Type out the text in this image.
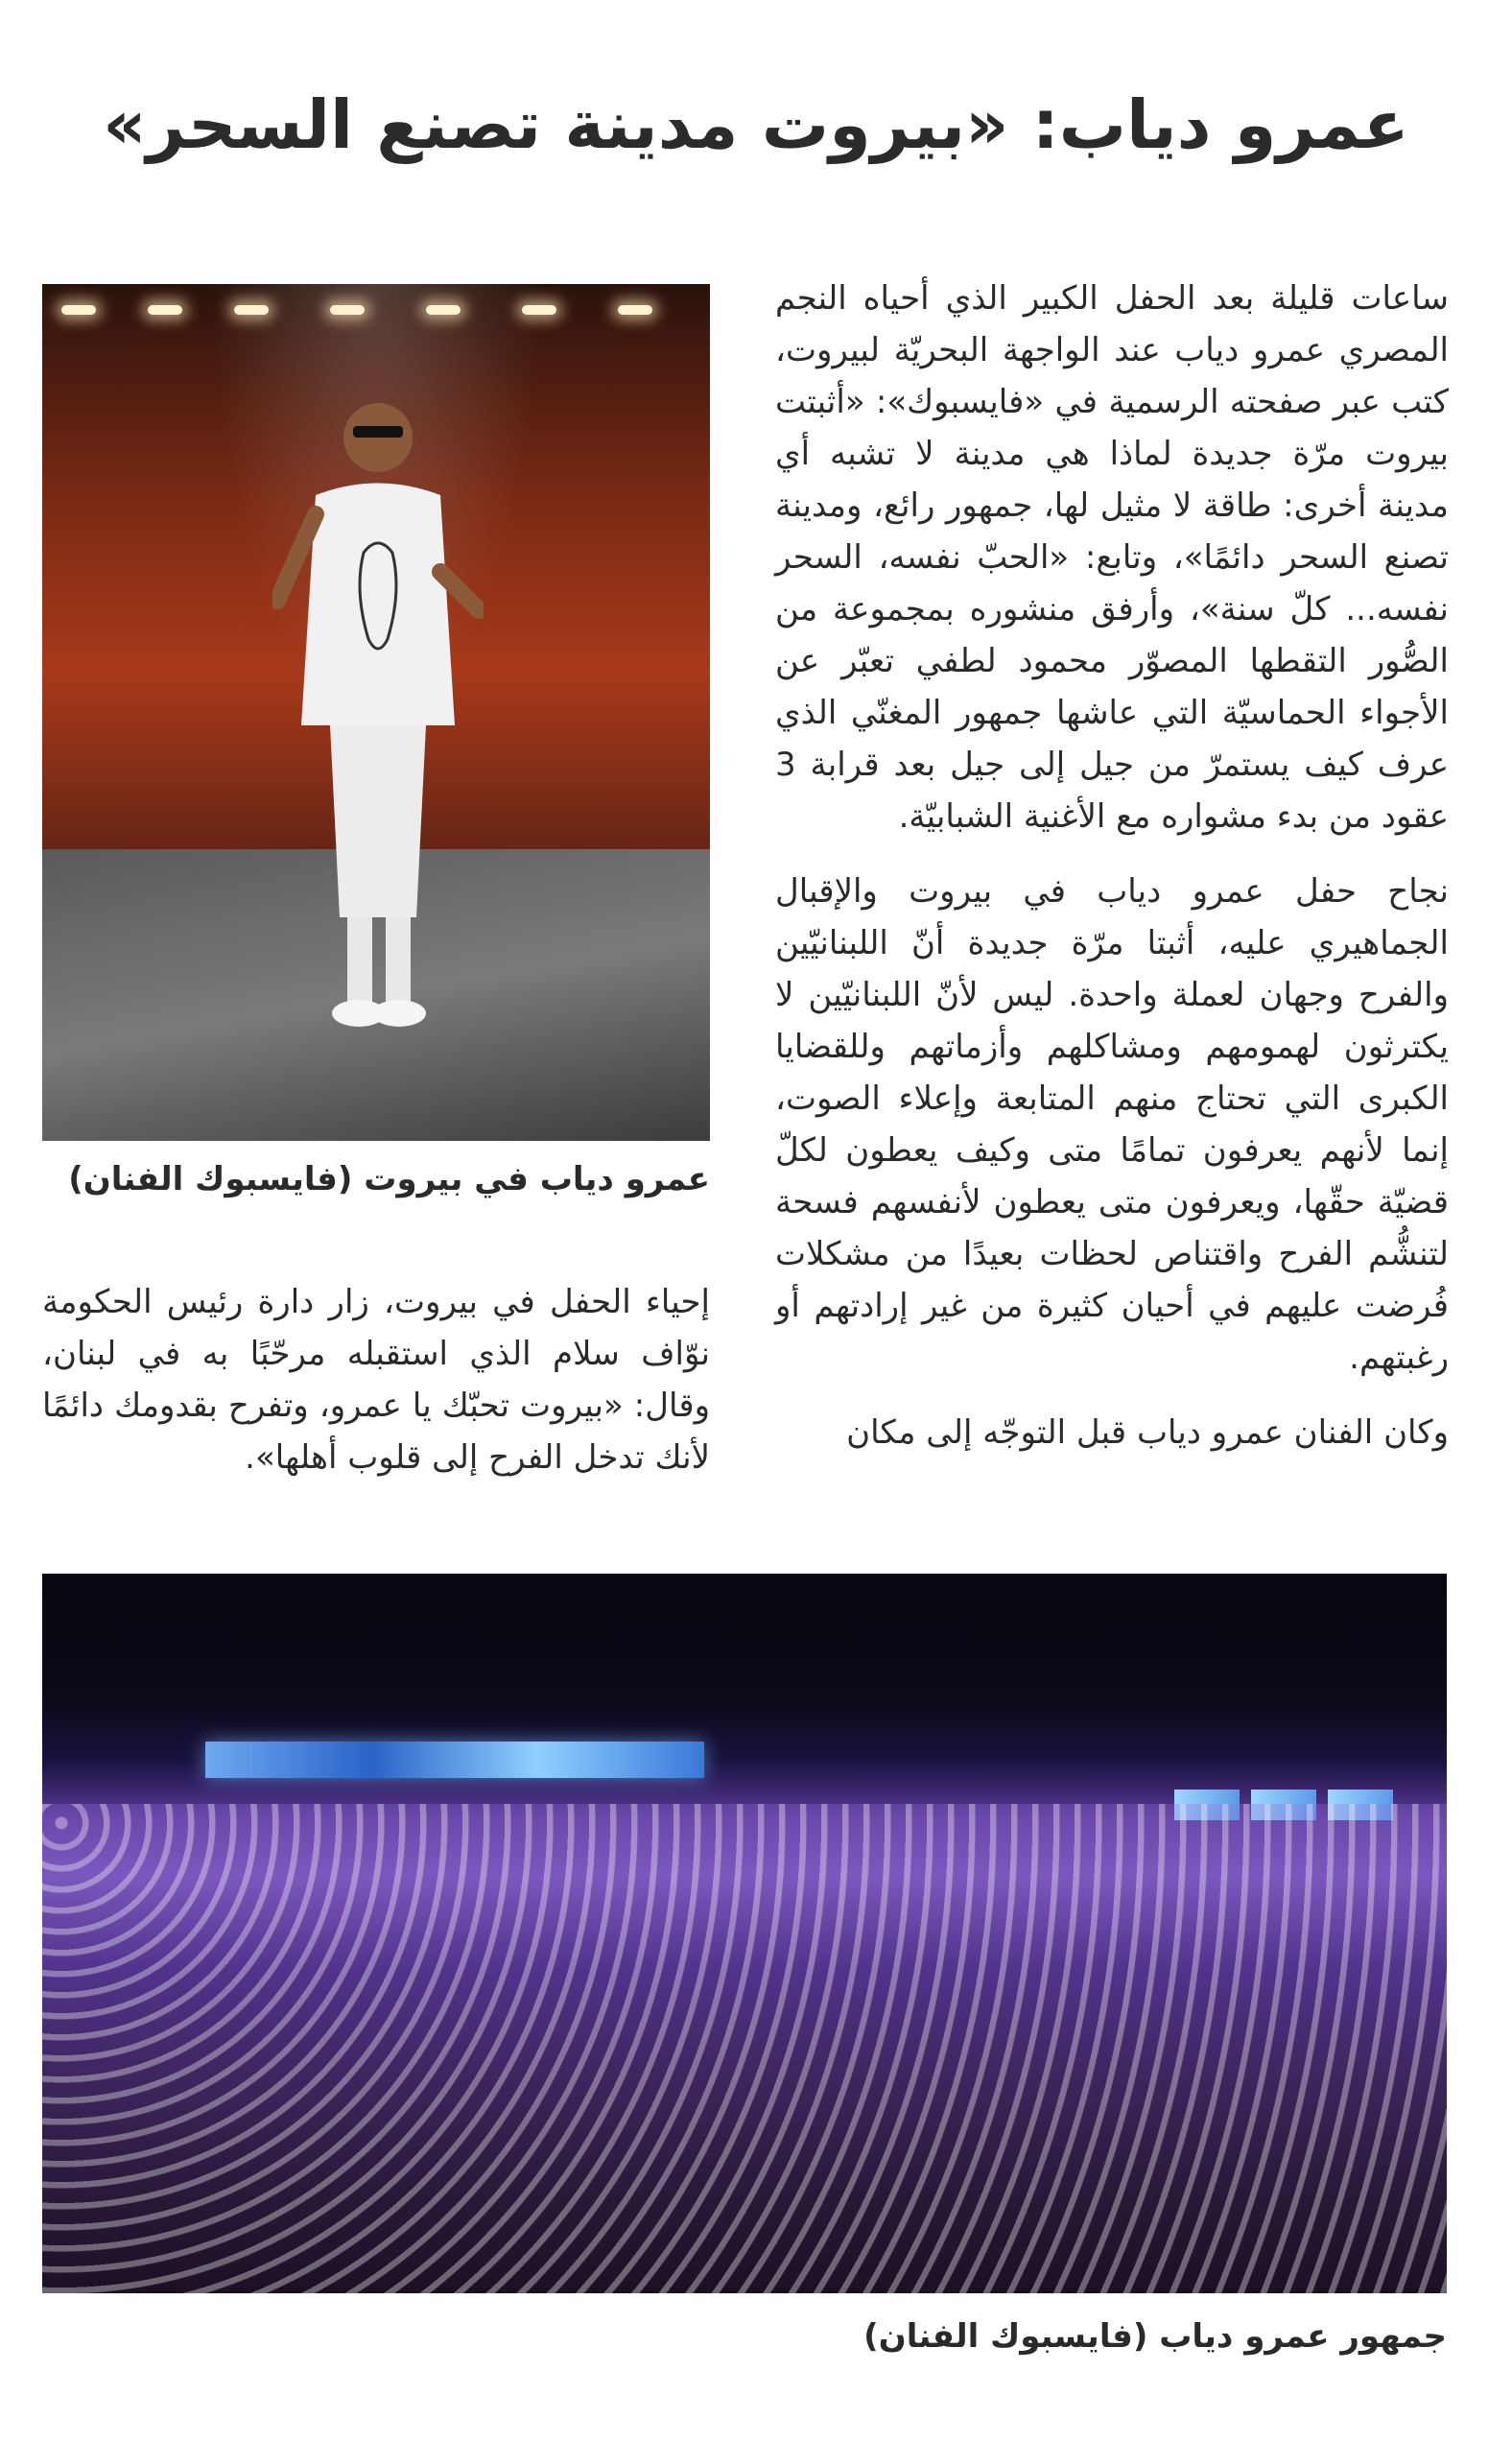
عمرو دياب: «بيروت مدينة تصنع السحر»

ساعات قليلة بعد الحفل الكبير الذي أحياه النجم المصري عمرو دياب عند الواجهة البحريّة لبيروت، كتب عبر صفحته الرسمية في «فايسبوك»: «أثبتت بيروت مرّة جديدة لماذا هي مدينة لا تشبه أي مدينة أخرى: طاقة لا مثيل لها، جمهور رائع، ومدينة تصنع السحر دائمًا»، وتابع: «الحبّ نفسه، السحر نفسه... كلّ سنة»، وأرفق منشوره بمجموعة من الصُّور التقطها المصوّر محمود لطفي تعبّر عن الأجواء الحماسيّة التي عاشها جمهور المغنّي الذي عرف كيف يستمرّ من جيل إلى جيل بعد قرابة 3 عقود من بدء مشواره مع الأغنية الشبابيّة.

نجاح حفل عمرو دياب في بيروت والإقبال الجماهيري عليه، أثبتا مرّة جديدة أنّ اللبنانيّين والفرح وجهان لعملة واحدة. ليس لأنّ اللبنانيّين لا يكترثون لهمومهم ومشاكلهم وأزماتهم وللقضايا الكبرى التي تحتاج منهم المتابعة وإعلاء الصوت، إنما لأنهم يعرفون تمامًا متى وكيف يعطون لكلّ قضيّة حقّها، ويعرفون متى يعطون لأنفسهم فسحة لتنشُّم الفرح واقتناص لحظات بعيدًا من مشكلات فُرضت عليهم في أحيان كثيرة من غير إرادتهم أو رغبتهم.

وكان الفنان عمرو دياب قبل التوجّه إلى مكان

عمرو دياب في بيروت (فايسبوك الفنان)

إحياء الحفل في بيروت، زار دارة رئيس الحكومة نوّاف سلام الذي استقبله مرحّبًا به في لبنان، وقال: «بيروت تحبّك يا عمرو، وتفرح بقدومك دائمًا لأنك تدخل الفرح إلى قلوب أهلها».

جمهور عمرو دياب (فايسبوك الفنان)
